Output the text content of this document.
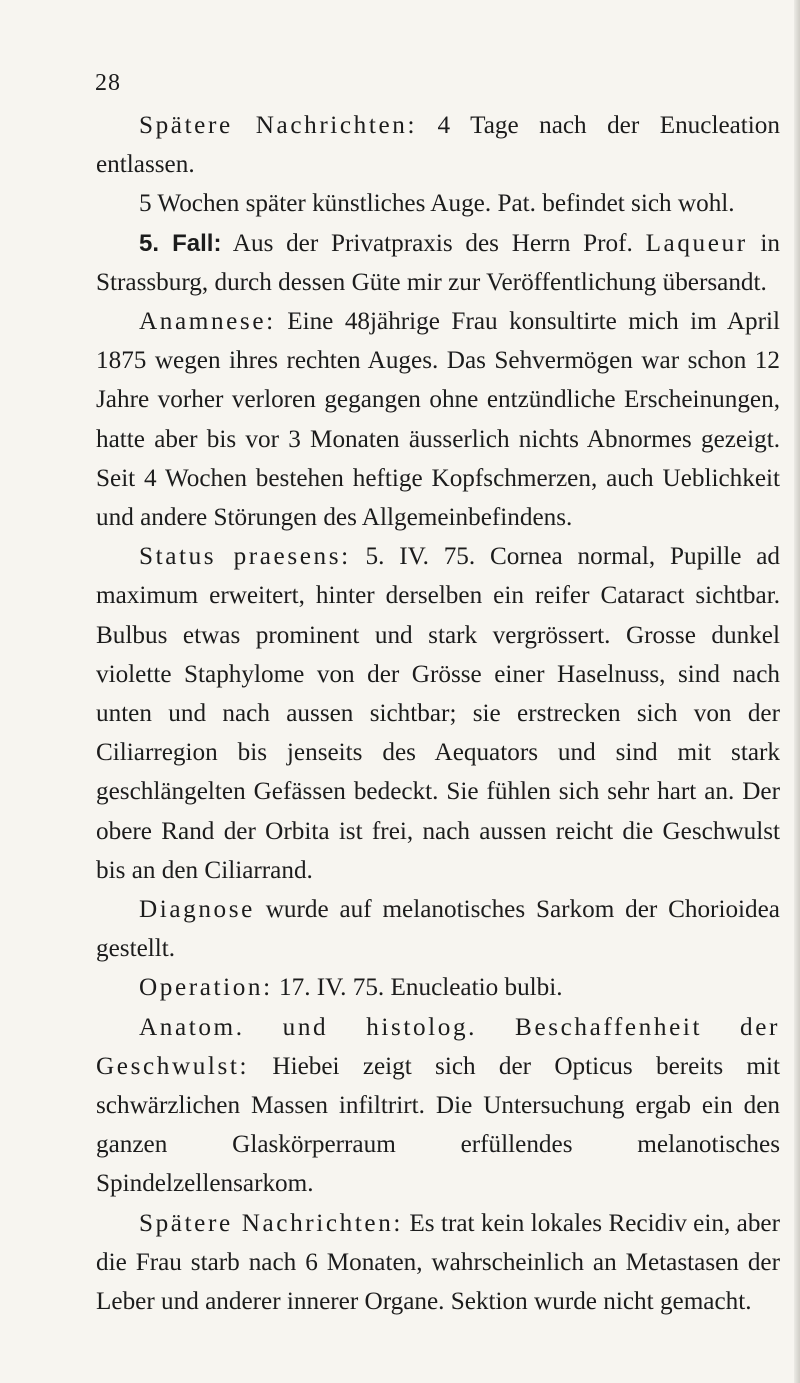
28

Spätere Nachrichten: 4 Tage nach der Enucleation entlassen.

5 Wochen später künstliches Auge. Pat. befindet sich wohl.

5. Fall: Aus der Privatpraxis des Herrn Prof. Laqueur in Strassburg, durch dessen Güte mir zur Veröffentlichung übersandt.

Anamnese: Eine 48jährige Frau konsultirte mich im April 1875 wegen ihres rechten Auges. Das Sehvermögen war schon 12 Jahre vorher verloren gegangen ohne entzündliche Erscheinungen, hatte aber bis vor 3 Monaten äusserlich nichts Abnormes gezeigt. Seit 4 Wochen bestehen heftige Kopfschmerzen, auch Ueblichkeit und andere Störungen des Allgemeinbefindens.

Status praesens: 5. IV. 75. Cornea normal, Pupille ad maximum erweitert, hinter derselben ein reifer Cataract sichtbar. Bulbus etwas prominent und stark vergrössert. Grosse dunkel violette Staphylome von der Grösse einer Haselnuss, sind nach unten und nach aussen sichtbar; sie erstrecken sich von der Ciliarregion bis jenseits des Aequators und sind mit stark geschlängelten Gefässen bedeckt. Sie fühlen sich sehr hart an. Der obere Rand der Orbita ist frei, nach aussen reicht die Geschwulst bis an den Ciliarrand.

Diagnose wurde auf melanotisches Sarkom der Chorioidea gestellt.

Operation: 17. IV. 75. Enucleatio bulbi.

Anatom. und histolog. Beschaffenheit der Geschwulst: Hiebei zeigt sich der Opticus bereits mit schwärzlichen Massen infiltrirt. Die Untersuchung ergab ein den ganzen Glaskörperraum erfüllendes melanotisches Spindelzellensarkom.

Spätere Nachrichten: Es trat kein lokales Recidiv ein, aber die Frau starb nach 6 Monaten, wahrscheinlich an Metastasen der Leber und anderer innerer Organe. Sektion wurde nicht gemacht.
